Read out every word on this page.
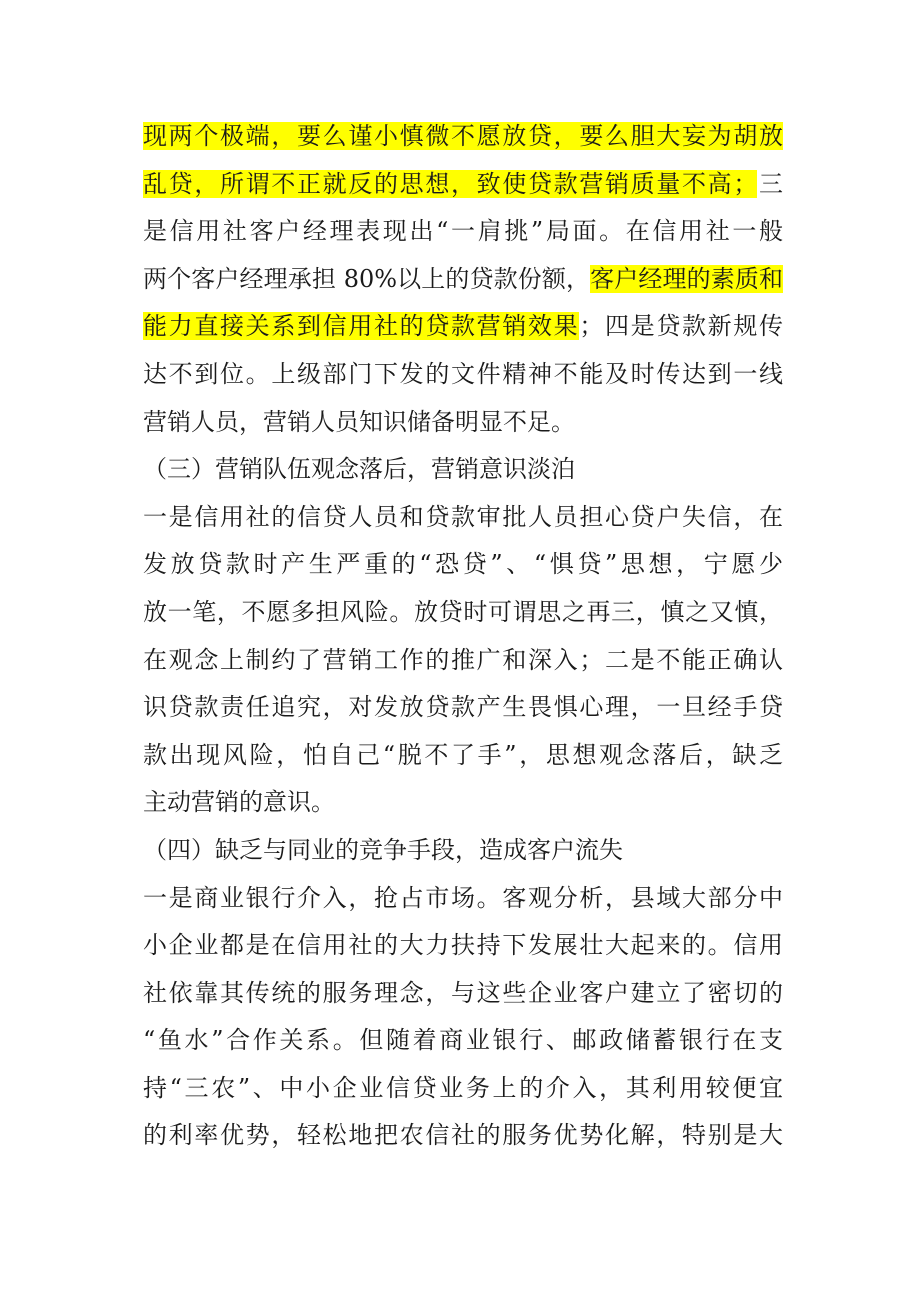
现两个极端，要么谨小慎微不愿放贷，要么胆大妄为胡放
乱贷，所谓不正就反的思想，致使贷款营销质量不高；三
是信用社客户经理表现出“一肩挑”局面。在信用社一般
两个客户经理承担 80%以上的贷款份额，客户经理的素质和
能力直接关系到信用社的贷款营销效果；四是贷款新规传
达不到位。上级部门下发的文件精神不能及时传达到一线
营销人员，营销人员知识储备明显不足。
（三）营销队伍观念落后，营销意识淡泊
一是信用社的信贷人员和贷款审批人员担心贷户失信，在
发放贷款时产生严重的“恐贷”、“惧贷”思想，宁愿少
放一笔，不愿多担风险。放贷时可谓思之再三，慎之又慎，
在观念上制约了营销工作的推广和深入；二是不能正确认
识贷款责任追究，对发放贷款产生畏惧心理，一旦经手贷
款出现风险，怕自己“脱不了手”，思想观念落后，缺乏
主动营销的意识。
（四）缺乏与同业的竞争手段，造成客户流失
一是商业银行介入，抢占市场。客观分析，县域大部分中
小企业都是在信用社的大力扶持下发展壮大起来的。信用
社依靠其传统的服务理念，与这些企业客户建立了密切的
“鱼水”合作关系。但随着商业银行、邮政储蓄银行在支
持“三农”、中小企业信贷业务上的介入，其利用较便宜
的利率优势，轻松地把农信社的服务优势化解，特别是大
